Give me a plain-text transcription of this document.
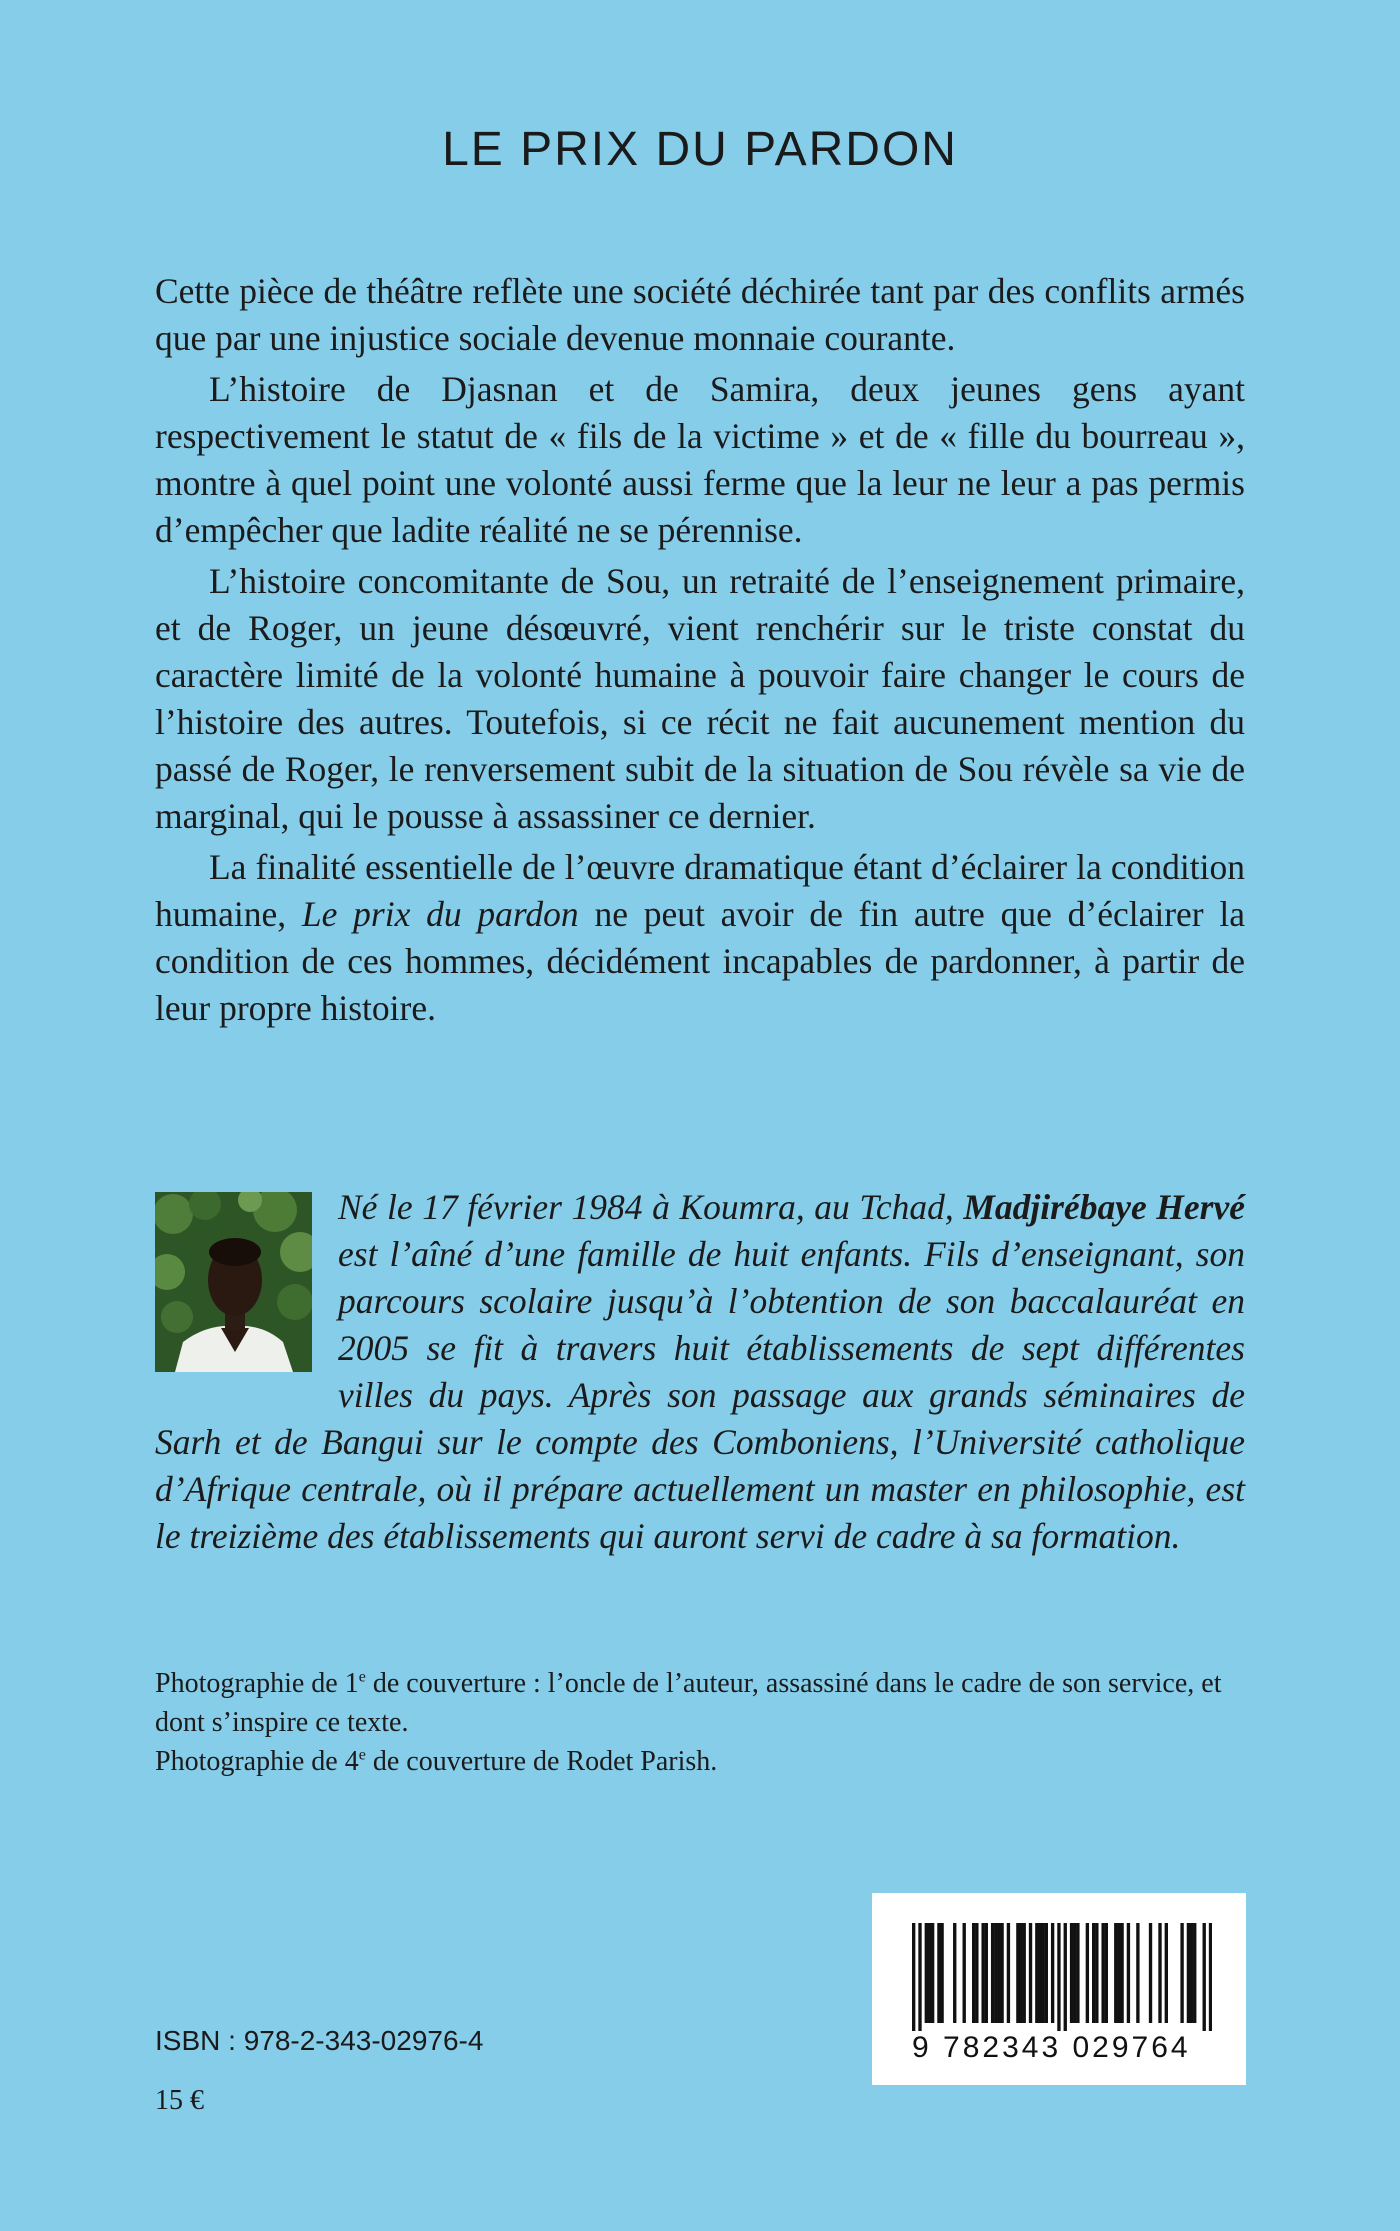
LE PRIX DU PARDON

Cette pièce de théâtre reflète une société déchirée tant par des conflits armés que par une injustice sociale devenue monnaie courante.

L’histoire de Djasnan et de Samira, deux jeunes gens ayant respectivement le statut de « fils de la victime » et de « fille du bourreau », montre à quel point une volonté aussi ferme que la leur ne leur a pas permis d’empêcher que ladite réalité ne se pérennise.

L’histoire concomitante de Sou, un retraité de l’enseignement primaire, et de Roger, un jeune désœuvré, vient renchérir sur le triste constat du caractère limité de la volonté humaine à pouvoir faire changer le cours de l’histoire des autres. Toutefois, si ce récit ne fait aucunement mention du passé de Roger, le renversement subit de la situation de Sou révèle sa vie de marginal, qui le pousse à assassiner ce dernier.

La finalité essentielle de l’œuvre dramatique étant d’éclairer la condition humaine, Le prix du pardon ne peut avoir de fin autre que d’éclairer la condition de ces hommes, décidément incapables de pardonner, à partir de leur propre histoire.

Né le 17 février 1984 à Koumra, au Tchad, Madjirébaye Hervé est l’aîné d’une famille de huit enfants. Fils d’enseignant, son parcours scolaire jusqu’à l’obtention de son baccalauréat en 2005 se fit à travers huit établissements de sept différentes villes du pays. Après son passage aux grands séminaires de Sarh et de Bangui sur le compte des Comboniens, l’Université catholique d’Afrique centrale, où il prépare actuellement un master en philosophie, est le treizième des établissements qui auront servi de cadre à sa formation.

Photographie de 1e de couverture : l’oncle de l’auteur, assassiné dans le cadre de son service, et dont s’inspire ce texte.

Photographie de 4e de couverture de Rodet Parish.

ISBN : 978-2-343-02976-4
15 €
9 782343 029764
